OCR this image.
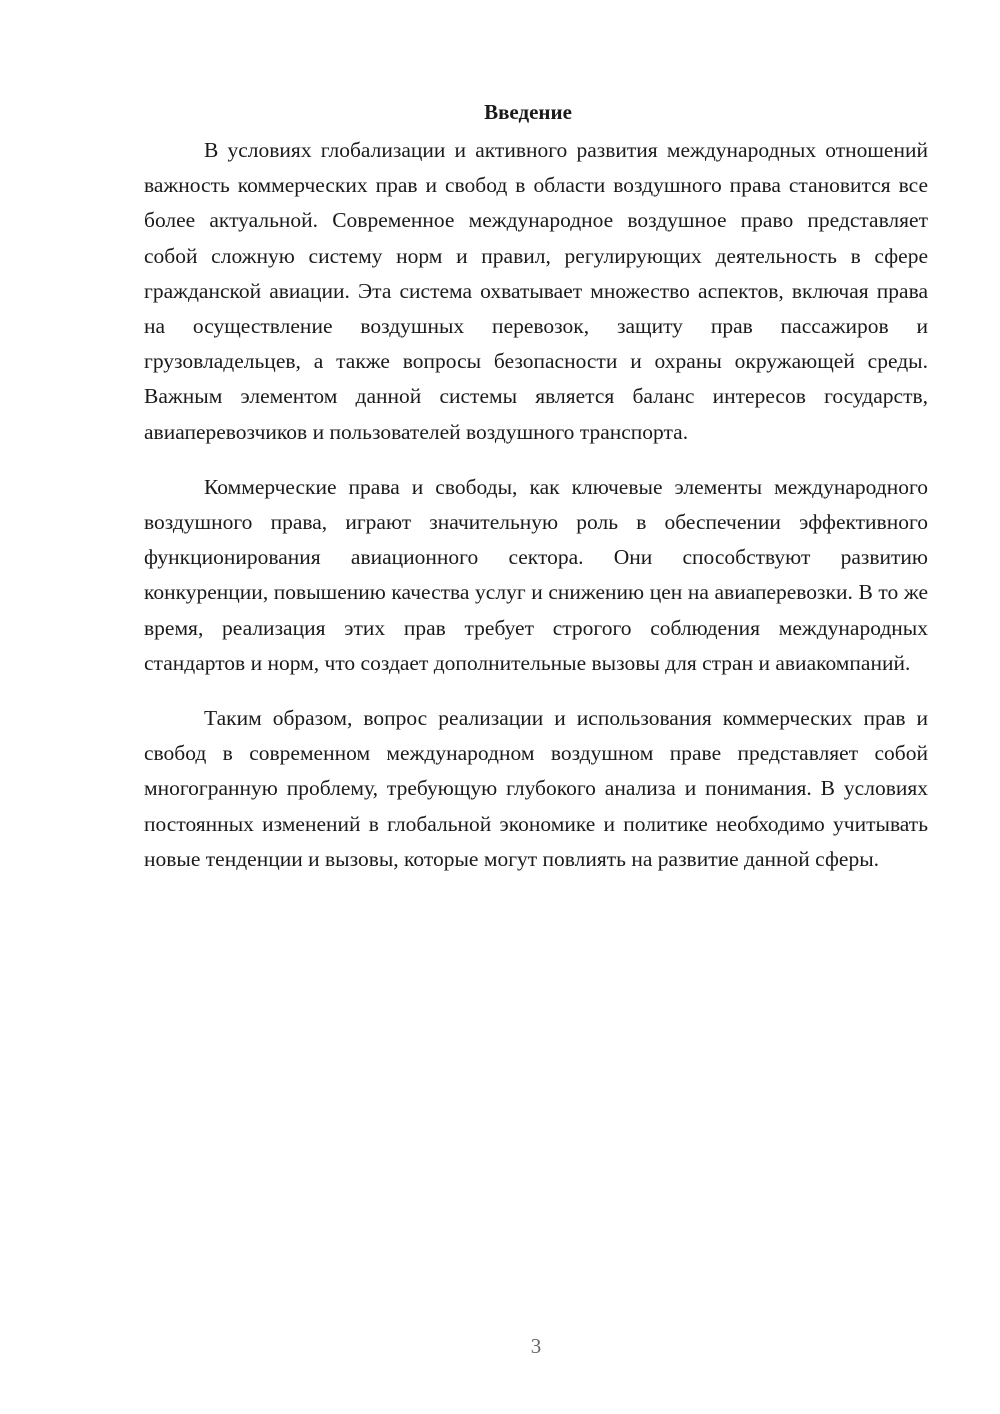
Введение

В условиях глобализации и активного развития международных отношений важность коммерческих прав и свобод в области воздушного права становится все более актуальной. Современное международное воздушное право представляет собой сложную систему норм и правил, регулирующих деятельность в сфере гражданской авиации. Эта система охватывает множество аспектов, включая права на осуществление воздушных перевозок, защиту прав пассажиров и грузовладельцев, а также вопросы безопасности и охраны окружающей среды. Важным элементом данной системы является баланс интересов государств, авиаперевозчиков и пользователей воздушного транспорта.

Коммерческие права и свободы, как ключевые элементы международного воздушного права, играют значительную роль в обеспечении эффективного функционирования авиационного сектора. Они способствуют развитию конкуренции, повышению качества услуг и снижению цен на авиаперевозки. В то же время, реализация этих прав требует строгого соблюдения международных стандартов и норм, что создает дополнительные вызовы для стран и авиакомпаний.

Таким образом, вопрос реализации и использования коммерческих прав и свобод в современном международном воздушном праве представляет собой многогранную проблему, требующую глубокого анализа и понимания. В условиях постоянных изменений в глобальной экономике и политике необходимо учитывать новые тенденции и вызовы, которые могут повлиять на развитие данной сферы.

3
